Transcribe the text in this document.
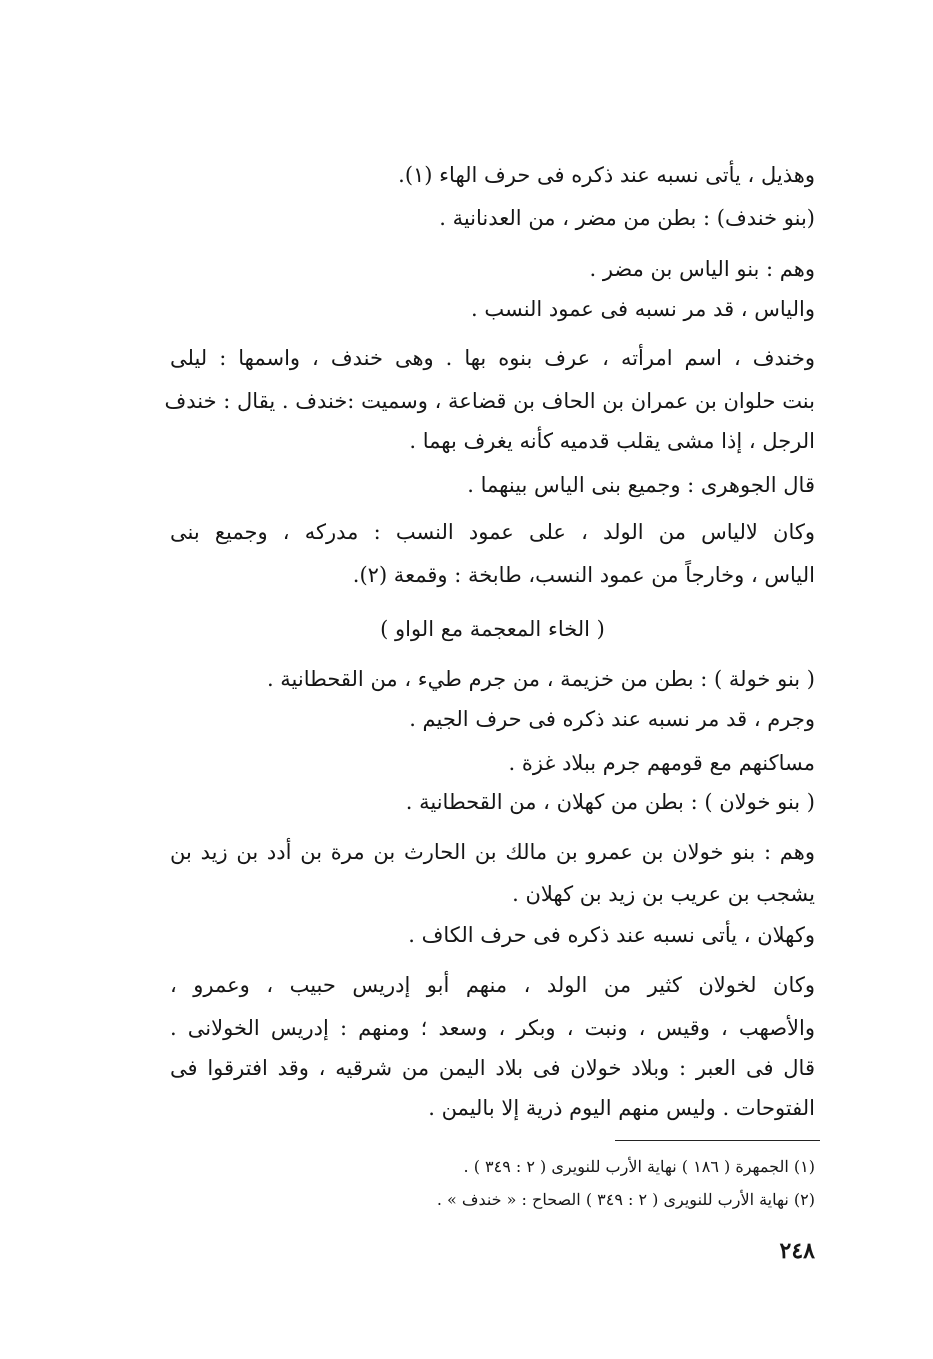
وهذيل ، يأتى نسبه عند ذكره فى حرف الهاء (١).
(بنو خندف) : بطن من مضر ، من العدنانية .
وهم : بنو الياس بن مضر .
والياس ، قد مر نسبه فى عمود النسب .
وخندف ، اسم امرأته ، عرف بنوه بها . وهى خندف ، واسمها : ليلى
بنت حلوان بن عمران بن الحاف بن قضاعة ، وسميت :خندف . يقال : خندف
الرجل ، إذا مشى يقلب قدميه كأنه يغرف بهما .
قال الجوهرى : وجميع بنى الياس بينهما .
وكان لالياس من الولد ، على عمود النسب : مدركه ، وجميع بنى
الياس ، وخارجاً من عمود النسب، طابخة : وقمعة (٢).
( الخاء المعجمة مع الواو )
( بنو خولة ) : بطن من خزيمة ، من جرم طيء ، من القحطانية .
وجرم ، قد مر نسبه عند ذكره فى حرف الجيم .
مساكنهم مع قومهم جرم ببلاد غزة .
( بنو خولان ) : بطن من كهلان ، من القحطانية .
وهم : بنو خولان بن عمرو بن مالك بن الحارث بن مرة بن أدد بن زيد بن
يشجب بن عريب بن زيد بن كهلان .
وكهلان ، يأتى نسبه عند ذكره فى حرف الكاف .
وكان لخولان كثير من الولد ، منهم أبو إدريس حبيب ، وعمرو ،
والأصهب ، وقيس ، ونبت ، وبكر ، وسعد ؛ ومنهم : إدريس الخولانى .
قال فى العبر : وبلاد خولان فى بلاد اليمن من شرقيه ، وقد افترقوا فى
الفتوحات . وليس منهم اليوم ذرية إلا باليمن .
(١) الجمهرة ( ١٨٦ ) نهاية الأرب للنويرى ( ٢ : ٣٤٩ ) .
(٢) نهاية الأرب للنويرى ( ٢ : ٣٤٩ ) الصحاح : « خندف » .
٢٤٨
